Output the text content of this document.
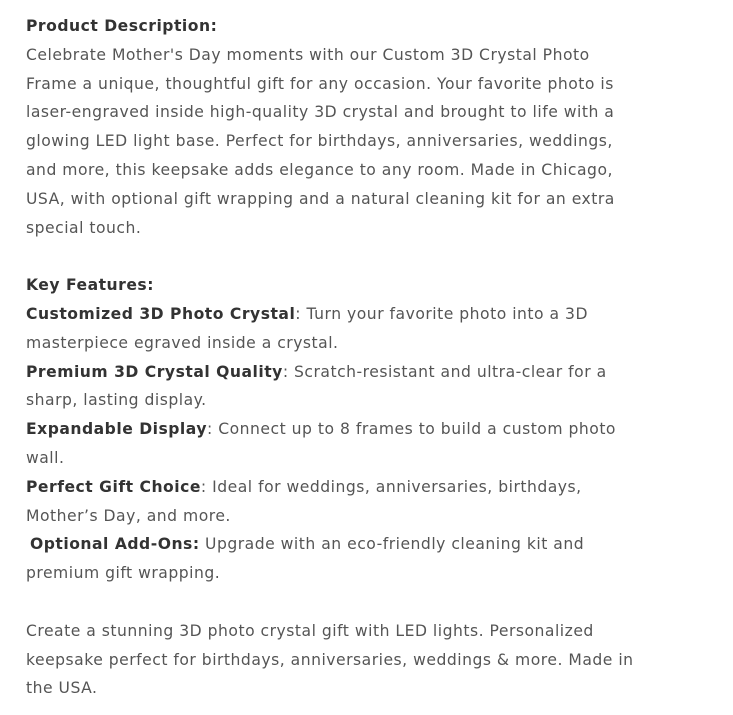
Product Description:
Celebrate Mother's Day moments with our Custom 3D Crystal Photo Frame a unique, thoughtful gift for any occasion. Your favorite photo is laser-engraved inside high-quality 3D crystal and brought to life with a glowing LED light base. Perfect for birthdays, anniversaries, weddings, and more, this keepsake adds elegance to any room. Made in Chicago, USA, with optional gift wrapping and a natural cleaning kit for an extra special touch.

Key Features:
Customized 3D Photo Crystal: Turn your favorite photo into a 3D masterpiece egraved inside a crystal.
Premium 3D Crystal Quality: Scratch-resistant and ultra-clear for a sharp, lasting display.
Expandable Display: Connect up to 8 frames to build a custom photo wall.
Perfect Gift Choice: Ideal for weddings, anniversaries, birthdays, Mother’s Day, and more.
Optional Add-Ons: Upgrade with an eco-friendly cleaning kit and premium gift wrapping.

Create a stunning 3D photo crystal gift with LED lights. Personalized keepsake perfect for birthdays, anniversaries, weddings & more. Made in the USA.
